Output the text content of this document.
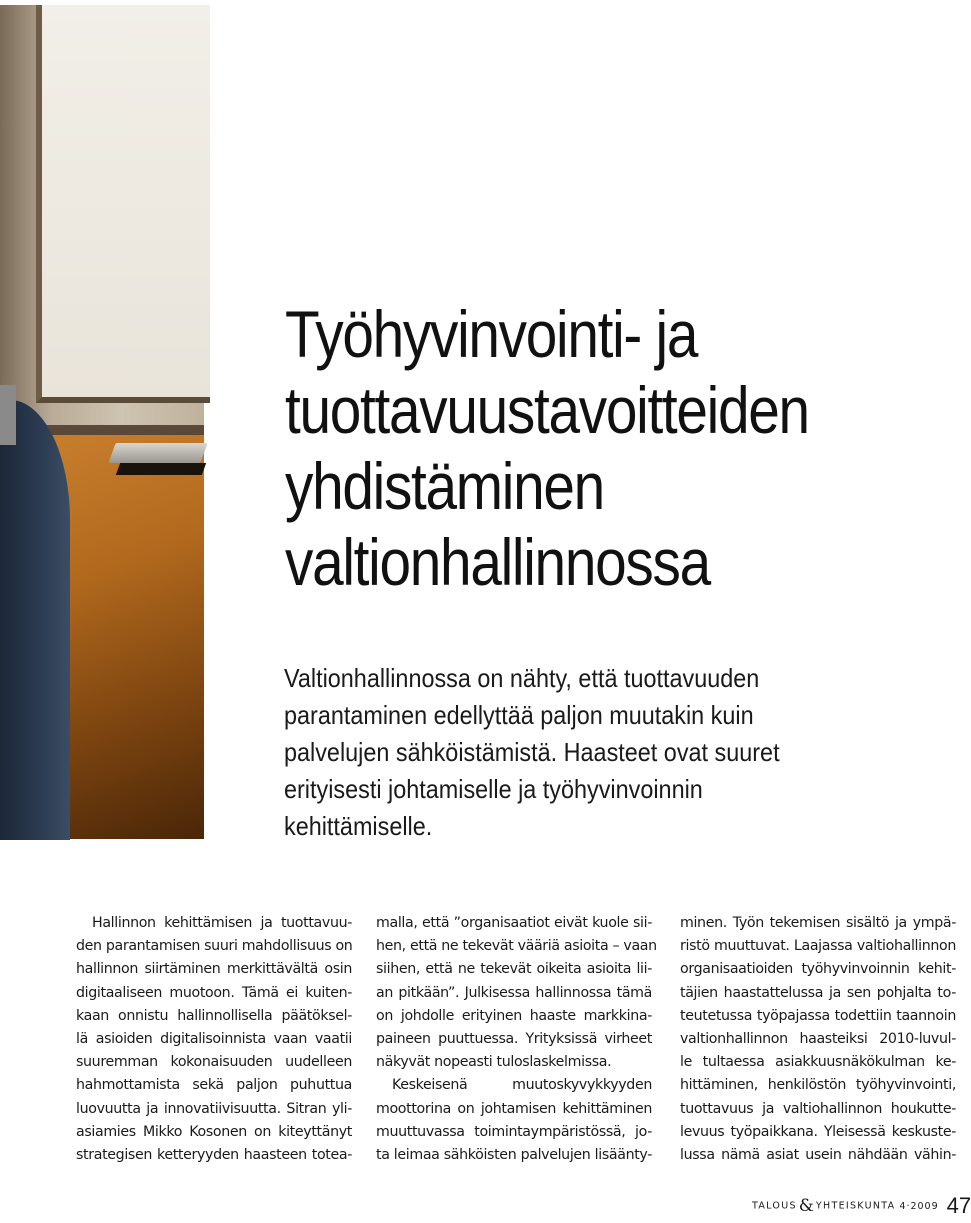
Työhyvinvointi- ja
tuottavuustavoitteiden
yhdistäminen
valtionhallinnossa

Valtionhallinnossa on nähty, että tuottavuuden
parantaminen edellyttää paljon muutakin kuin
palvelujen sähköistämistä. Haasteet ovat suuret
erityisesti johtamiselle ja työhyvinvoinnin
kehittämiselle.

Hallinnon kehittämisen ja tuottavuu-
den parantamisen suuri mahdollisuus on
hallinnon siirtäminen merkittävältä osin
digitaaliseen muotoon. Tämä ei kuiten-
kaan onnistu hallinnollisella päätöksel-
lä asioiden digitalisoinnista vaan vaatii
suuremman kokonaisuuden uudelleen
hahmottamista sekä paljon puhuttua
luovuutta ja innovatiivisuutta. Sitran yli-
asiamies Mikko Kosonen on kiteyttänyt
strategisen ketteryyden haasteen totea-
malla, että ”organisaatiot eivät kuole sii-
hen, että ne tekevät vääriä asioita – vaan
siihen, että ne tekevät oikeita asioita lii-
an pitkään”. Julkisessa hallinnossa tämä
on johdolle erityinen haaste markkina-
paineen puuttuessa. Yrityksissä virheet
näkyvät nopeasti tuloslaskelmissa.
Keskeisenä muutoskyvykkyyden
moottorina on johtamisen kehittäminen
muuttuvassa toimintaympäristössä, jo-
ta leimaa sähköisten palvelujen lisäänty-
minen. Työn tekemisen sisältö ja ympä-
ristö muuttuvat. Laajassa valtiohallinnon
organisaatioiden työhyvinvoinnin kehit-
täjien haastattelussa ja sen pohjalta to-
teutetussa työpajassa todettiin taannoin
valtionhallinnon haasteiksi 2010-luvul-
le tultaessa asiakkuusnäkökulman ke-
hittäminen, henkilöstön työhyvinvointi,
tuottavuus ja valtiohallinnon houkutte-
levuus työpaikkana. Yleisessä keskuste-
lussa nämä asiat usein nähdään vähin-
TALOUS & YHTEISKUNTA 4·2009 47
